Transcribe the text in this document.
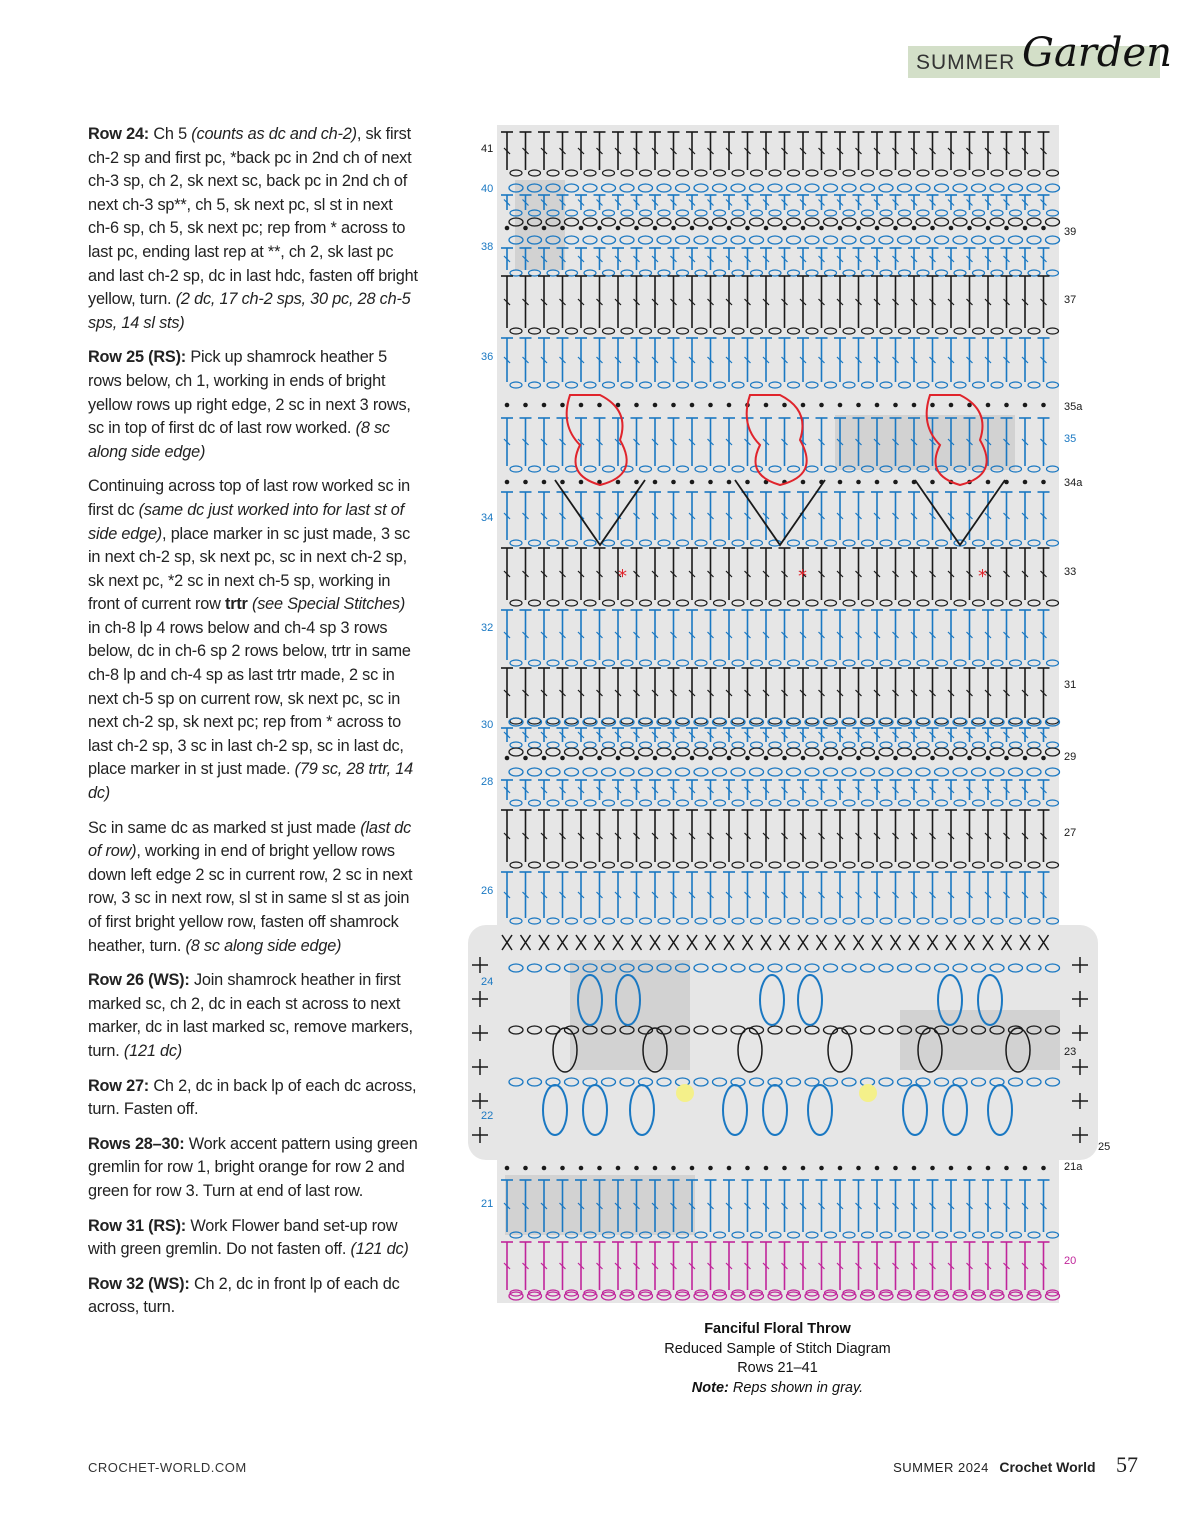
SUMMER Garden

Row 24: Ch 5 (counts as dc and ch-2), sk first ch-2 sp and first pc, *back pc in 2nd ch of next ch-3 sp, ch 2, sk next sc, back pc in 2nd ch of next ch-3 sp**, ch 5, sk next pc, sl st in next ch-6 sp, ch 5, sk next pc; rep from * across to last pc, ending last rep at **, ch 2, sk last pc and last ch-2 sp, dc in last hdc, fasten off bright yellow, turn. (2 dc, 17 ch-2 sps, 30 pc, 28 ch-5 sps, 14 sl sts)

Row 25 (RS): Pick up shamrock heather 5 rows below, ch 1, working in ends of bright yellow rows up right edge, 2 sc in next 3 rows, sc in top of first dc of last row worked. (8 sc along side edge)

Continuing across top of last row worked sc in first dc (same dc just worked into for last st of side edge), place marker in sc just made, 3 sc in next ch-2 sp, sk next pc, sc in next ch-2 sp, sk next pc, *2 sc in next ch-5 sp, working in front of current row trtr (see Special Stitches) in ch-8 lp 4 rows below and ch-4 sp 3 rows below, dc in ch-6 sp 2 rows below, trtr in same ch-8 lp and ch-4 sp as last trtr made, 2 sc in next ch-5 sp on current row, sk next pc, sc in next ch-2 sp, sk next pc; rep from * across to last ch-2 sp, 3 sc in last ch-2 sp, sc in last dc, place marker in st just made. (79 sc, 28 trtr, 14 dc)

Sc in same dc as marked st just made (last dc of row), working in end of bright yellow rows down left edge 2 sc in current row, 2 sc in next row, 3 sc in next row, sl st in same sl st as join of first bright yellow row, fasten off shamrock heather, turn. (8 sc along side edge)

Row 26 (WS): Join shamrock heather in first marked sc, ch 2, dc in each st across to next marker, dc in last marked sc, remove markers, turn. (121 dc)

Row 27: Ch 2, dc in back lp of each dc across, turn. Fasten off.

Rows 28–30: Work accent pattern using green gremlin for row 1, bright orange for row 2 and green for row 3. Turn at end of last row.

Row 31 (RS): Work Flower band set-up row with green gremlin. Do not fasten off. (121 dc)

Row 32 (WS): Ch 2, dc in front lp of each dc across, turn.

*	*	*
41
40
38
36
34
32
30
28
26
24
22
21
39
37
35a
35
34a
33
31
29
27
23
25
21a
20
Fanciful Floral Throw
Reduced Sample of Stitch Diagram
Rows 21–41
Note: Reps shown in gray.
CROCHET-WORLD.COM	SUMMER 2024 Crochet World 57
